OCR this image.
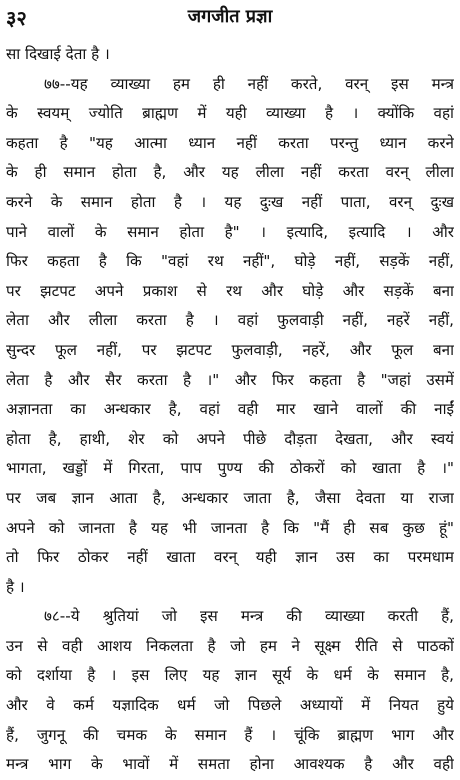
३२	जगजीत प्रज्ञा
सा दिखाई देता है ।
७७--यह व्याख्या हम ही नहीं करते, वरन् इस मन्त्र
के स्वयम् ज्योति ब्राह्मण में यही व्याख्या है । क्योंकि वहां
कहता है "यह आत्मा ध्यान नहीं करता परन्तु ध्यान करने
के ही समान होता है, और यह लीला नहीं करता वरन् लीला
करने के समान होता है । यह दुःख नहीं पाता, वरन् दुःख
पाने वालों के समान होता है" । इत्यादि, इत्यादि । और
फिर कहता है कि "वहां रथ नहीं", घोड़े नहीं, सड़कें नहीं,
पर झटपट अपने प्रकाश से रथ और घोड़े और सड़कें बना
लेता और लीला करता है । वहां फुलवाड़ी नहीं, नहरें नहीं,
सुन्दर फूल नहीं, पर झटपट फुलवाड़ी, नहरें, और फूल बना
लेता है और सैर करता है ।" और फिर कहता है "जहां उसमें
अज्ञानता का अन्धकार है, वहां वही मार खाने वालों की नाईं
होता है, हाथी, शेर को अपने पीछे दौड़ता देखता, और स्वयं
भागता, खड्डों में गिरता, पाप पुण्य की ठोकरों को खाता है ।"
पर जब ज्ञान आता है, अन्धकार जाता है, जैसा देवता या राजा
अपने को जानता है यह भी जानता है कि "मैं ही सब कुछ हूं"
तो फिर ठोकर नहीं खाता वरन् यही ज्ञान उस का परमधाम
है ।
७८--ये श्रुतियां जो इस मन्त्र की व्याख्या करती हैं,
उन से वही आशय निकलता है जो हम ने सूक्ष्म रीति से पाठकों
को दर्शाया है । इस लिए यह ज्ञान सूर्य के धर्म के समान है,
और वे कर्म यज्ञादिक धर्म जो पिछले अध्यायों में नियत हुये
हैं, जुगनू की चमक के समान हैं । चूंकि ब्राह्मण भाग और
मन्त्र भाग के भावों में समता होना आवश्यक है और वही
